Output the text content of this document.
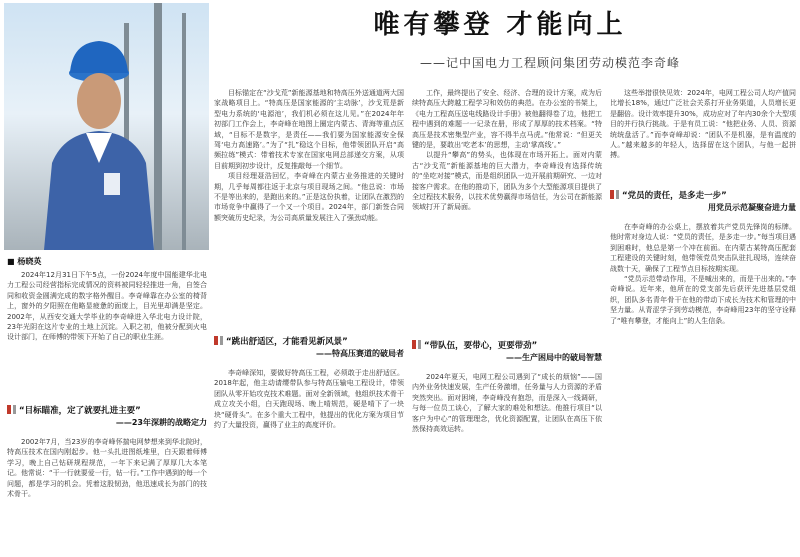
唯有攀登 才能向上
——记中国电力工程顾问集团劳动模范李奇峰
■ 杨晓英

2024年12月31日下午5点，一份2024年度中国能建华北电力工程公司经营指标完成情况的资料被同轻轻推进一角，自签合同和收资金圆满完成的数字格外醒目。李奇峰靠在办公室的椅背上，窗外的夕阳照在他略显疲惫的面庞上，目光里却满是坚定。2002年，从西安交通大学毕业的李奇峰进入华北电力设计院，23年光阴在这片专业的土地上沉淀。入职之初，他被分配到火电设计部门，在师傅的带领下开始了自己的职业生涯。

“目标瞄准，定了就要扎进主要”
——23年深耕的战略定力

2002年7月，当23岁的李奇峰怀揣电网梦想来到华北院时，特高压技术在国内刚起步。他一头扎进图纸堆里，白天跟着师傅学习，晚上自己钻研规程规范，一年下来记满了厚厚几大本笔记。他常说：“干一行就要爱一行，钻一行。”工作中遇到的每一个问题，都是学习的机会。凭着这股韧劲，他迅速成长为部门的技术骨干。

目标锚定在“沙戈荒”新能源基地和特高压外送通道两大国家战略项目上。“特高压是国家能源的‘主动脉’，沙戈荒是新型电力系统的‘电源池’，我们机必须在这儿见。”在2024年年初部门工作会上，李奇峰在地图上圈定内蒙古、青海等重点区域，“目标不是数字，是责任——我们要为国家能源安全保驾‘电力高速路’。”为了“扎”稳这个目标，他带领团队开启“高频拉练”模式：带着技术专家在国家电网总部递交方案，从项目前期到初步设计，反复推敲每一个细节。

项目经理聂浩回忆，李奇峰在内蒙古业务推进的关键时期，几乎每周都往返于北京与项目现场之间。“他总说：市场不是等出来的，是跑出来的。”正是这份执着，让团队在激烈的市场竞争中赢得了一个又一个项目。2024年，部门新签合同额突破历史纪录，为公司高质量发展注入了强劲动能。

“跳出舒适区，才能看见新风景”
——特高压赛道的破局者

李奇峰深知，要做好特高压工程，必须敢于走出舒适区。2018年起，他主动请缨带队参与特高压输电工程设计，带领团队从零开始攻克技术难题。面对全新领域，他组织技术骨干成立攻关小组，白天跑现场、晚上啃规范，硬是啃下了一块块“硬骨头”。在多个重大工程中，他提出的优化方案为项目节约了大量投资，赢得了业主的高度评价。

工作，最终提出了安全、经济、合理的设计方案，成为后续特高压大跨越工程学习和效仿的典范。在办公室的书架上，《电力工程高压送电线路设计手册》被他翻得卷了边，他把工程中遇到的难题一一记录在册，形成了厚厚的技术档案。“特高压是技术密集型产业，容不得半点马虎。”他常说：“但更关键的是，要敢出‘吃老本’的思想，主动‘掌高线’。”

以提升“攀高”的势头，也体现在市场开拓上。面对内蒙古“沙戈荒”新能源基地的巨大潜力，李奇峰没有选择传统的“坐吃对接”模式，而是组织团队一边开展前期研究、一边对接客户需求。在他的推动下，团队为多个大型能源项目提供了全过程技术服务，以技术优势赢得市场信任，为公司在新能源领域打开了新局面。

“带队伍，要带心，更要带劲”
——生产困局中的破局智慧

2024年夏天，电网工程公司遇到了“成长的烦恼”——国内外业务快速发展，生产任务激增，任务量与人力资源的矛盾突然突出。面对困境，李奇峰没有抱怨，而是深入一线调研，与每一位员工谈心，了解大家的难处和想法。他推行项目“以客户为中心”的管理理念，优化资源配置，让团队在高压下依然保持高效运转。

这些举措很快见效：2024年，电网工程公司人均产值同比增长18%，通过广泛社会关系打开业务渠道，人员增长更是翻倍。设计效率提升30%，成功应对了年内30余个大型项目的并行执行挑战。于是有员工说：“他把业务、人员、资源统统盘活了。”而李奇峰却说：“团队不是机器，是有温度的人。”越来越多的年轻人，选择留在这个团队，与他一起拼搏。

“党员的责任，是多走一步”
用党员示范凝聚奋进力量

在李奇峰的办公桌上，摆放着共产党员先锋岗的标牌。他时常对身边人说：“党员的责任，是多走一步。”每当项目遇到困难时，他总是第一个冲在前面。在内蒙古某特高压配套工程建设的关键时刻，他带领党员突击队驻扎现场，连续奋战数十天，确保了工程节点目标按期实现。

“党员示范带动作用，不是喊出来的，而是干出来的。”李奇峰说。近年来，他所在的党支部先后获评先进基层党组织，团队多名青年骨干在他的带动下成长为技术和管理的中坚力量。从青涩学子到劳动模范，李奇峰用23年的坚守诠释了“唯有攀登，才能向上”的人生信条。
